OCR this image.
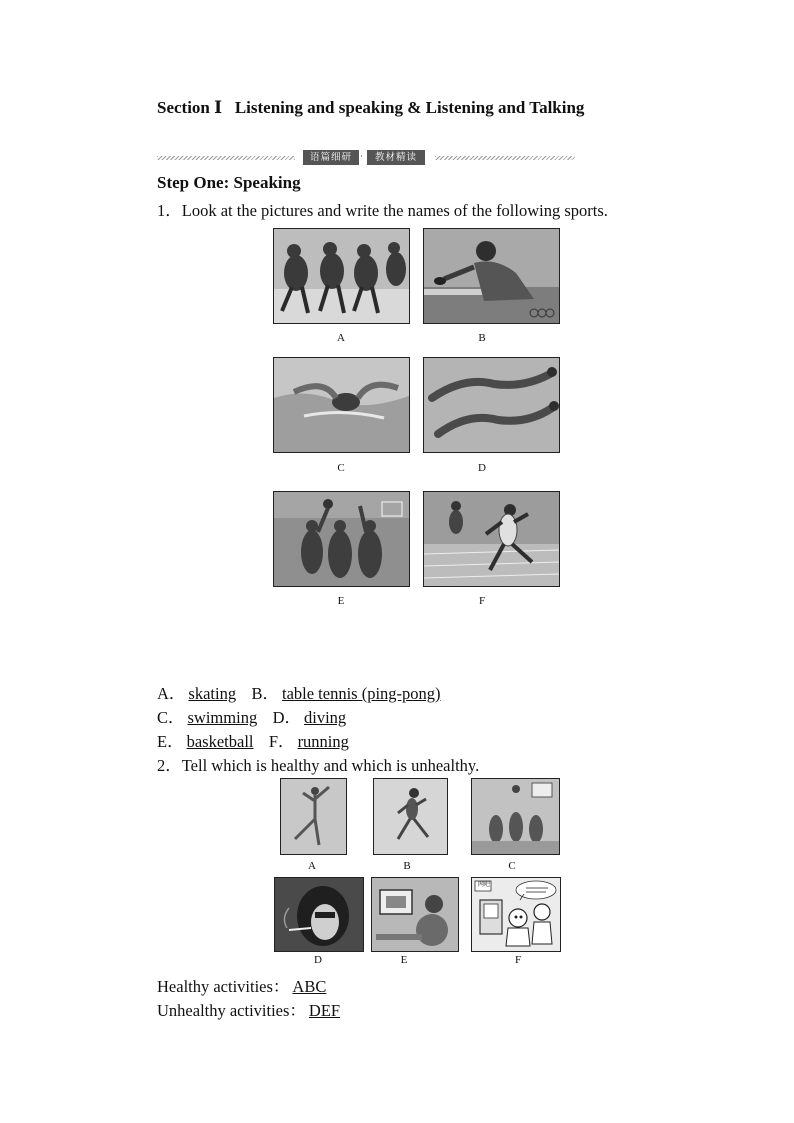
Section Ⅰ   Listening and speaking & Listening and Talking
语篇细研 ·	教材精读
Step One: Speaking
1．Look at the pictures and write the names of the following sports.
A	B
C	D
E	F
A． skating B． table tennis (ping-pong)
C． swimming D． diving
E． basketball F． running
2．Tell which is healthy and which is unhealthy.
A	B	C
D	E
网吧
F
Healthy activities： ABC
Unhealthy activities： DEF
